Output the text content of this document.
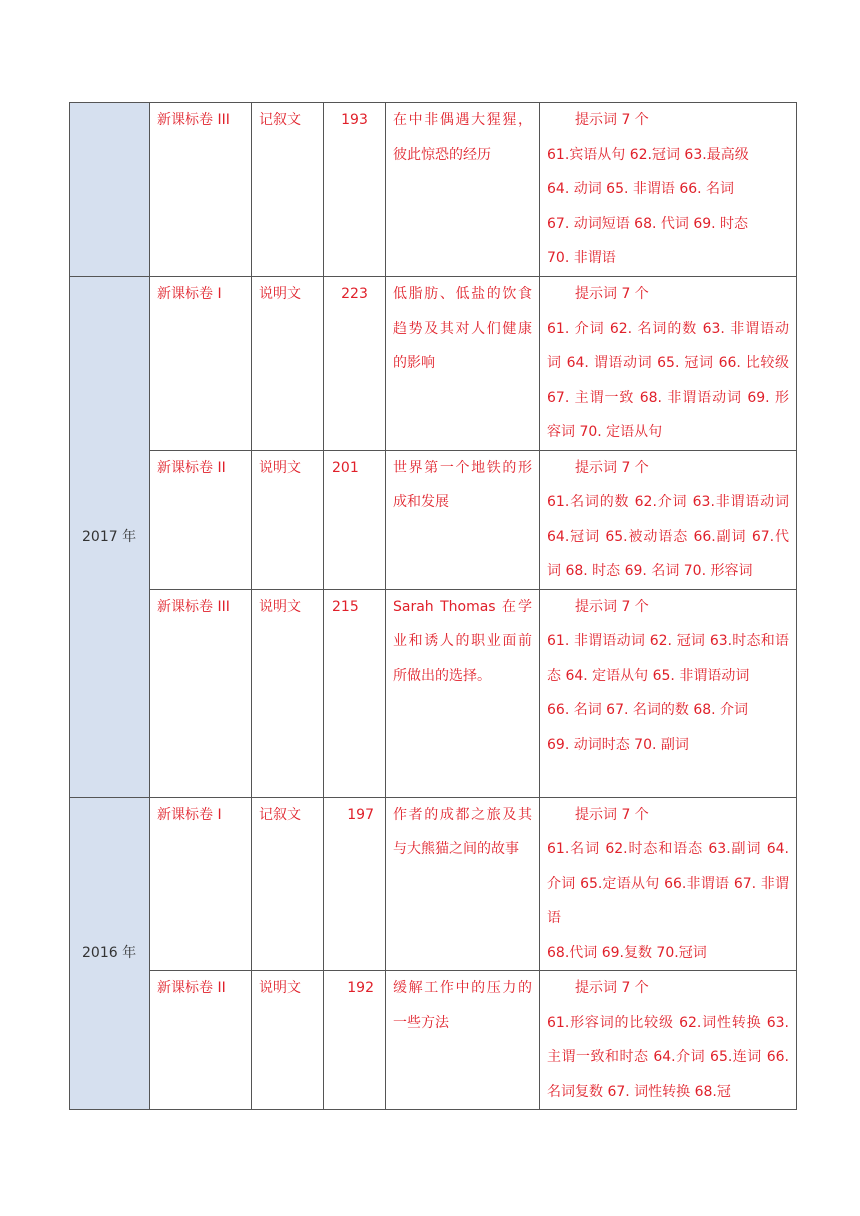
	新课标卷 III	记叙文	193	在中非偶遇大猩猩，彼此惊恐的经历	提示词 7 个
61.宾语从句 62.冠词 63.最高级
64. 动词 65. 非谓语 66. 名词
67. 动词短语 68. 代词 69. 时态
70. 非谓语

2017 年	新课标卷 I	说明文	223	低脂肪、低盐的饮食趋势及其对人们健康的影响	提示词 7 个
61. 介词 62. 名词的数 63. 非谓语动词 64. 谓语动词 65. 冠词 66. 比较级 67. 主谓一致 68. 非谓语动词 69. 形容词 70. 定语从句

	新课标卷 II	说明文	201	世界第一个地铁的形成和发展	提示词 7 个
61.名词的数 62.介词 63.非谓语动词 64.冠词 65.被动语态 66.副词 67.代词 68. 时态 69. 名词 70. 形容词

	新课标卷 III	说明文	215	Sarah Thomas 在学业和诱人的职业面前所做出的选择。	提示词 7 个
61. 非谓语动词 62. 冠词 63.时态和语态 64. 定语从句 65. 非谓语动词
66. 名词 67. 名词的数 68. 介词
69. 动词时态 70. 副词

2016 年	新课标卷 I	记叙文	197	作者的成都之旅及其与大熊猫之间的故事	提示词 7 个
61.名词 62.时态和语态 63.副词 64.介词 65.定语从句 66.非谓语 67. 非谓语
68.代词 69.复数 70.冠词

	新课标卷 II	说明文	192	缓解工作中的压力的一些方法	提示词 7 个
61.形容词的比较级 62.词性转换 63. 主谓一致和时态 64.介词 65.连词 66.名词复数 67. 词性转换 68.冠
